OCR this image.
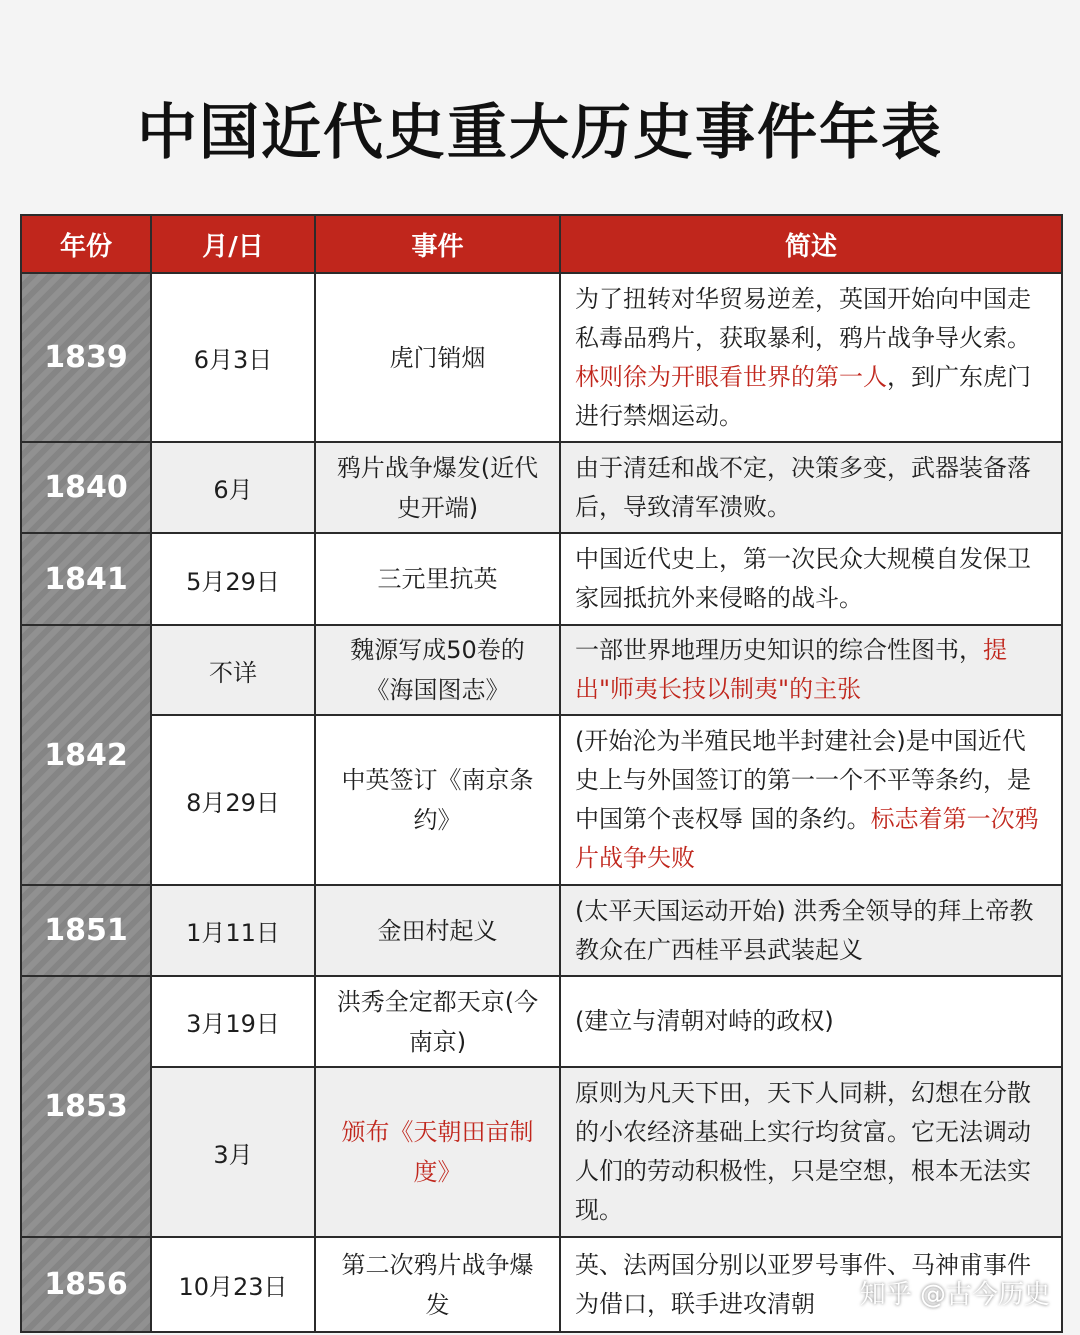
中国近代史重大历史事件年表
年份	月/日	事件	简述
1839	6月3日	虎门销烟	为了扭转对华贸易逆差，英国开始向中国走私毒品鸦片，获取暴利，鸦片战争导火索。林则徐为开眼看世界的第一人，到广东虎门进行禁烟运动。
1840	6月	鸦片战争爆发(近代史开端)	由于清廷和战不定，决策多变，武器装备落后，导致清军溃败。
1841	5月29日	三元里抗英	中国近代史上，第一次民众大规模自发保卫家园抵抗外来侵略的战斗。
1842	不详	魏源写成50卷的《海国图志》	一部世界地理历史知识的综合性图书，提出"师夷长技以制夷"的主张
	8月29日	中英签订《南京条约》	(开始沦为半殖民地半封建社会)是中国近代史上与外国签订的第一一个不平等条约，是中国第个丧权辱 国的条约。标志着第一次鸦片战争失败
1851	1月11日	金田村起义	(太平天国运动开始) 洪秀全领导的拜上帝教教众在广西桂平县武装起义
1853	3月19日	洪秀全定都天京(今南京)	(建立与清朝对峙的政权)
	3月	颁布《天朝田亩制度》	原则为凡天下田，天下人同耕，幻想在分散的小农经济基础上实行均贫富。它无法调动人们的劳动积极性，只是空想，根本无法实现。
1856	10月23日	第二次鸦片战争爆发	英、法两国分别以亚罗号事件、马神甫事件为借口，联手进攻清朝 知乎 @古今历史
